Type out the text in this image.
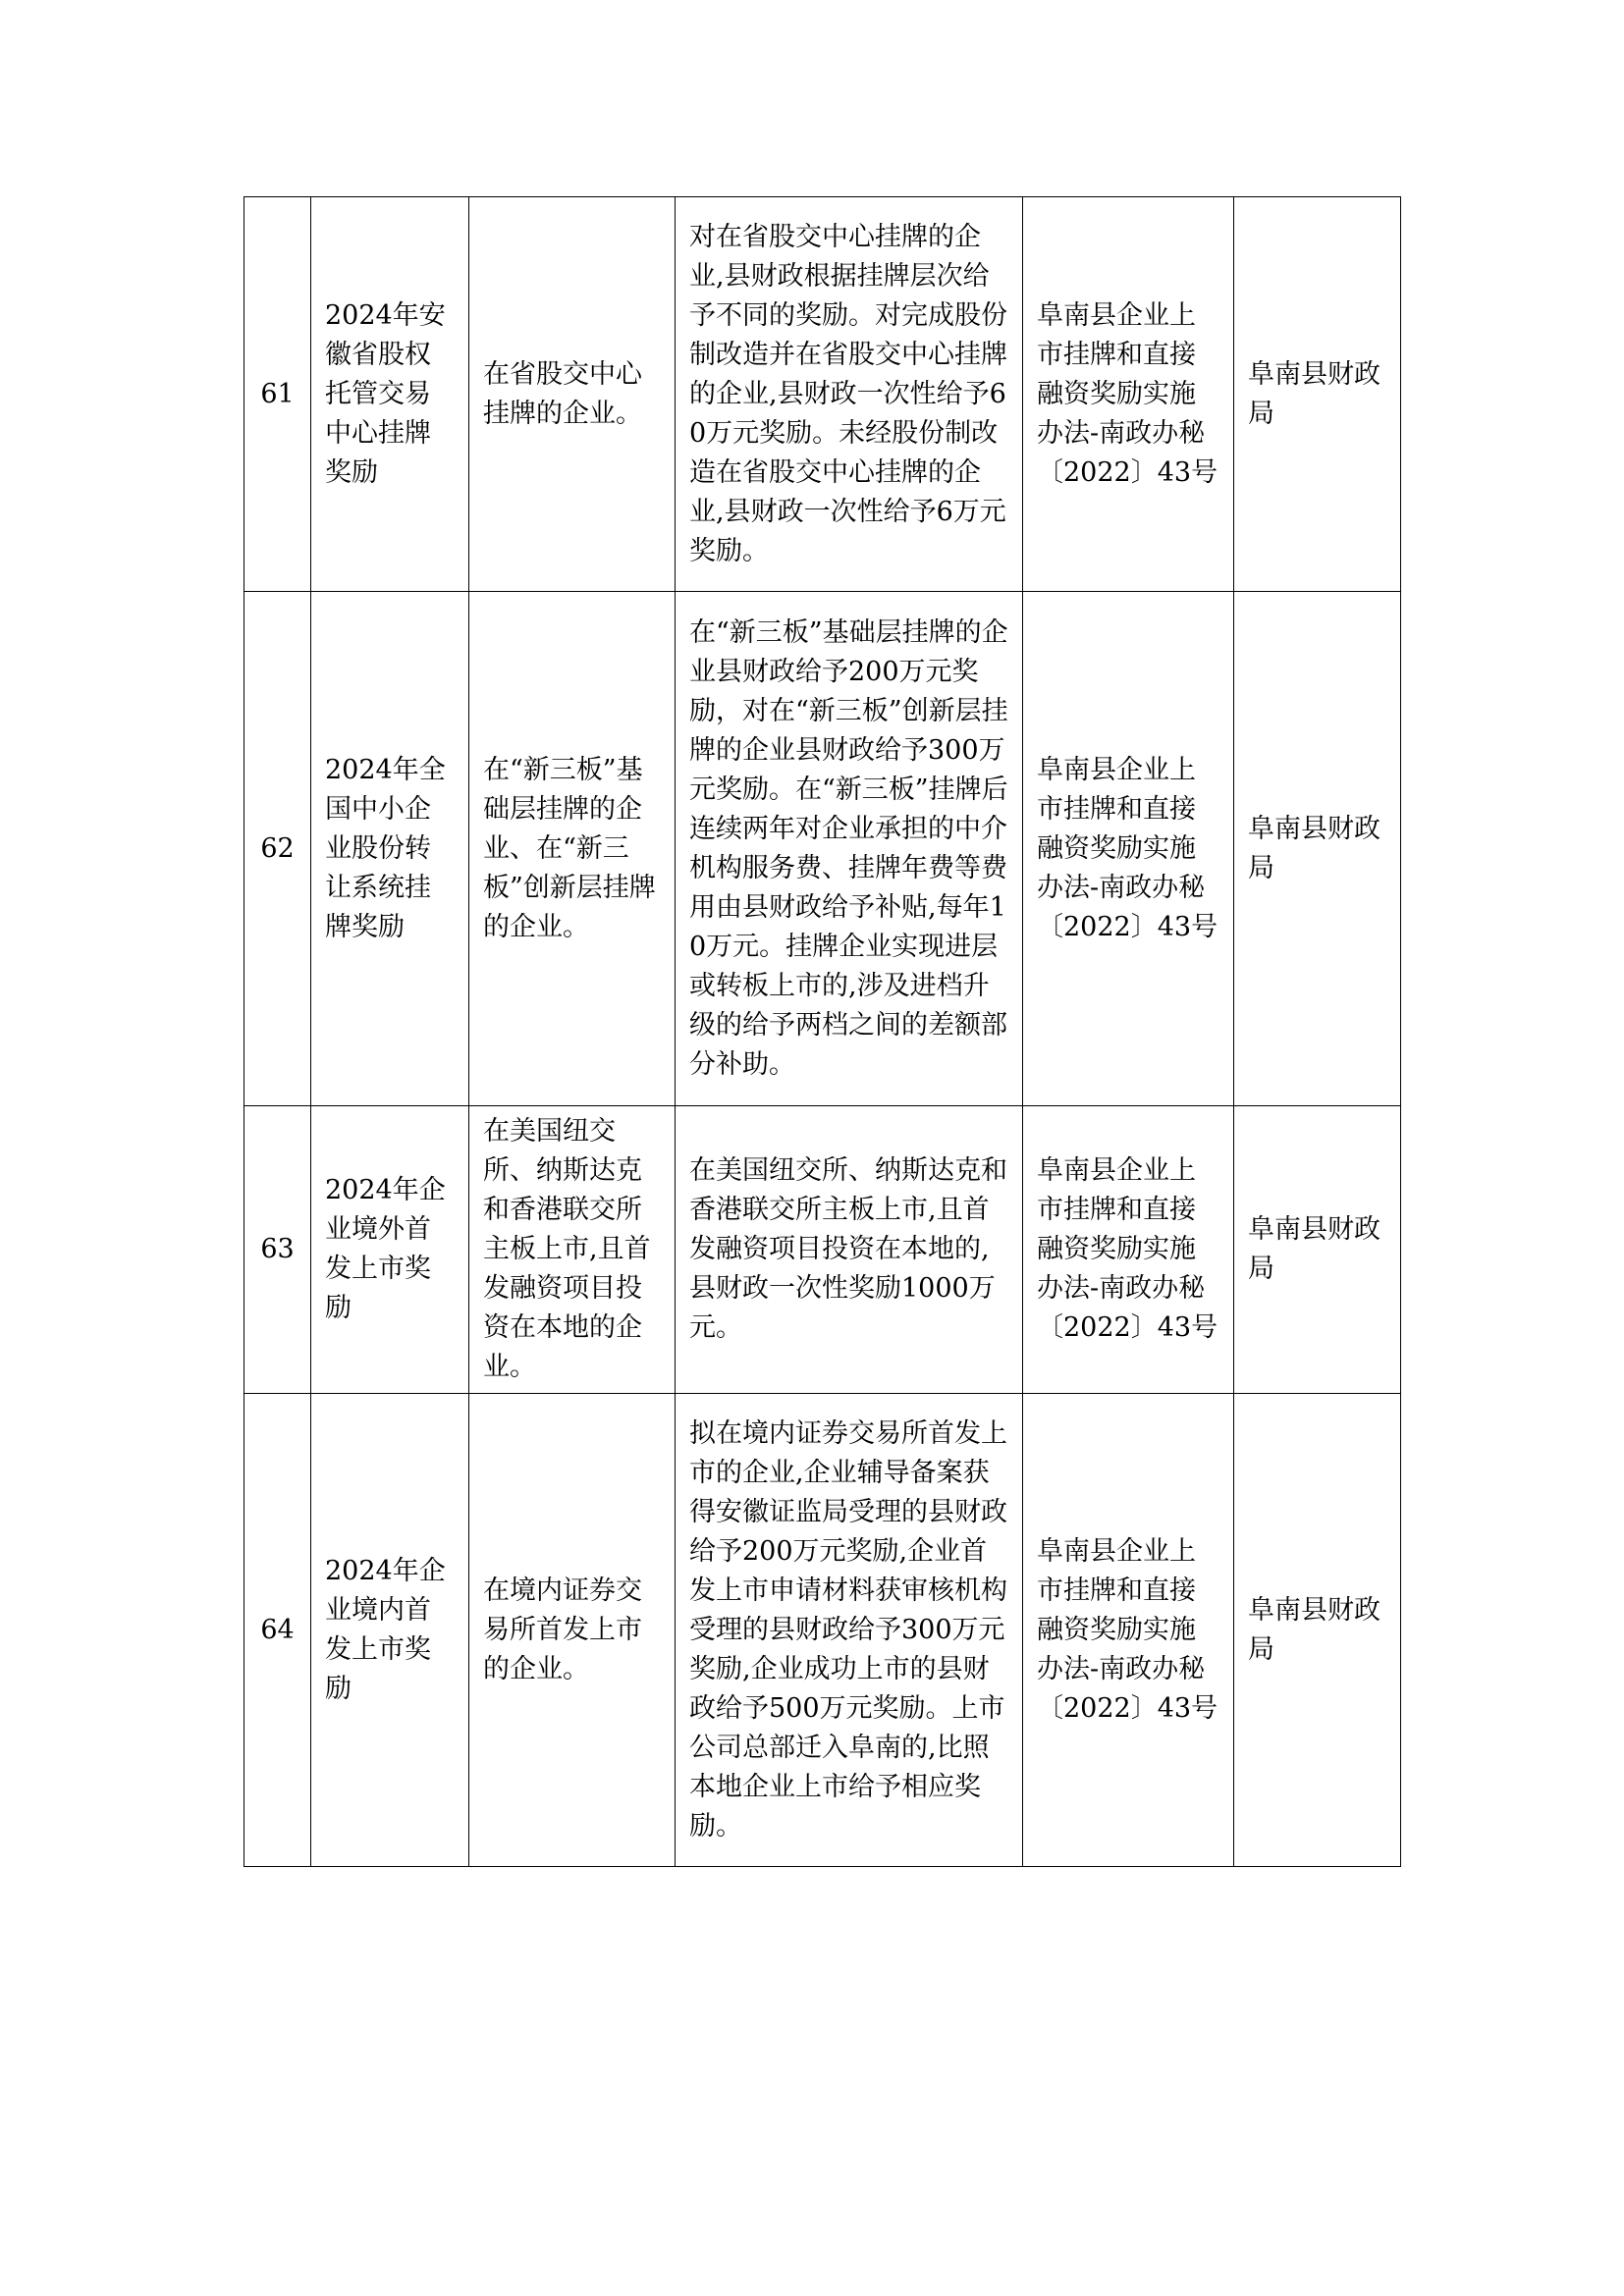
61	2024年安徽省股权托管交易中心挂牌奖励	在省股交中心挂牌的企业。	对在省股交中心挂牌的企业,县财政根据挂牌层次给予不同的奖励。对完成股份制改造并在省股交中心挂牌的企业,县财政一次性给予60万元奖励。未经股份制改造在省股交中心挂牌的企业,县财政一次性给予6万元奖励。	阜南县企业上市挂牌和直接融资奖励实施办法-南政办秘〔2022〕43号	阜南县财政局
62	2024年全国中小企业股份转让系统挂牌奖励	在“新三板”基础层挂牌的企业、在“新三板”创新层挂牌的企业。	在“新三板”基础层挂牌的企业县财政给予200万元奖励，对在“新三板”创新层挂牌的企业县财政给予300万元奖励。在“新三板”挂牌后连续两年对企业承担的中介机构服务费、挂牌年费等费用由县财政给予补贴,每年10万元。挂牌企业实现进层或转板上市的,涉及进档升级的给予两档之间的差额部分补助。	阜南县企业上市挂牌和直接融资奖励实施办法-南政办秘〔2022〕43号	阜南县财政局
63	2024年企业境外首发上市奖励	在美国纽交所、纳斯达克和香港联交所主板上市,且首发融资项目投资在本地的企业。	在美国纽交所、纳斯达克和香港联交所主板上市,且首发融资项目投资在本地的,县财政一次性奖励1000万元。	阜南县企业上市挂牌和直接融资奖励实施办法-南政办秘〔2022〕43号	阜南县财政局
64	2024年企业境内首发上市奖励	在境内证券交易所首发上市的企业。	拟在境内证券交易所首发上市的企业,企业辅导备案获得安徽证监局受理的县财政给予200万元奖励,企业首发上市申请材料获审核机构受理的县财政给予300万元奖励,企业成功上市的县财政给予500万元奖励。上市公司总部迁入阜南的,比照本地企业上市给予相应奖励。	阜南县企业上市挂牌和直接融资奖励实施办法-南政办秘〔2022〕43号	阜南县财政局
